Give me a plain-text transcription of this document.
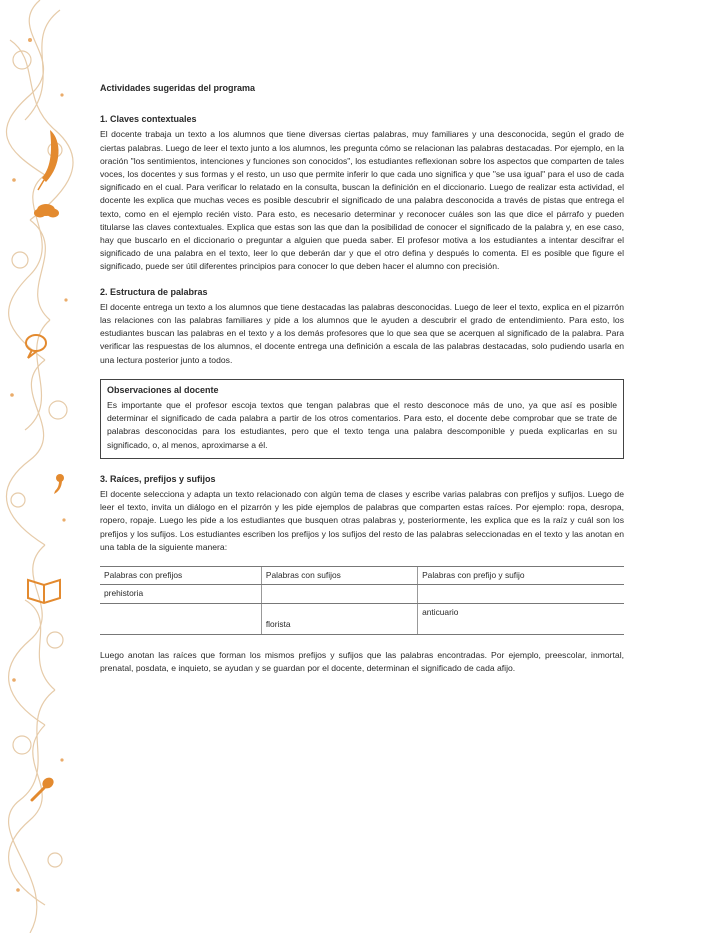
Actividades sugeridas del programa
1. Claves contextuales
El docente trabaja un texto a los alumnos que tiene diversas ciertas palabras, muy familiares y una desconocida, según el grado de ciertas palabras. Luego de leer el texto junto a los alumnos, les pregunta cómo se relacionan las palabras destacadas. Por ejemplo, en la oración "los sentimientos, intenciones y funciones son conocidos", los estudiantes reflexionan sobre los aspectos que comparten de tales voces, los docentes y sus formas y el resto, un uso que permite inferir lo que cada uno significa y que "se usa igual" para el uso de cada significado en el cual. Para verificar lo relatado en la consulta, buscan la definición en el diccionario. Luego de realizar esta actividad, el docente les explica que muchas veces es posible descubrir el significado de una palabra desconocida a través de pistas que entrega el texto, como en el ejemplo recién visto. Para esto, es necesario determinar y reconocer cuáles son las que dice el párrafo y pueden titularse las claves contextuales. Explica que estas son las que dan la posibilidad de conocer el significado de la palabra y, en ese caso, hay que buscarlo en el diccionario o preguntar a alguien que pueda saber. El profesor motiva a los estudiantes a intentar descifrar el significado de una palabra en el texto, leer lo que deberán dar y que el otro defina y después lo comenta. El es posible que figure el significado, puede ser útil diferentes principios para conocer lo que deben hacer el alumno con precisión.
2. Estructura de palabras
El docente entrega un texto a los alumnos que tiene destacadas las palabras desconocidas. Luego de leer el texto, explica en el pizarrón las relaciones con las palabras familiares y pide a los alumnos que le ayuden a descubrir el grado de entendimiento. Para esto, los estudiantes buscan las palabras en el texto y a los demás profesores que lo que sea que se acerquen al significado de la palabra. Para verificar las respuestas de los alumnos, el docente entrega una definición a escala de las palabras destacadas, solo pudiendo usarla en una lectura posterior junto a todos.
Observaciones al docente
Es importante que el profesor escoja textos que tengan palabras que el resto desconoce más de uno, ya que así es posible determinar el significado de cada palabra a partir de los otros comentarios. Para esto, el docente debe comprobar que se trate de palabras desconocidas para los estudiantes, pero que el texto tenga una palabra descomponible y pueda explicarlas en su significado, o, al menos, aproximarse a él.
3. Raíces, prefijos y sufijos
El docente selecciona y adapta un texto relacionado con algún tema de clases y escribe varias palabras con prefijos y sufijos. Luego de leer el texto, invita un diálogo en el pizarrón y les pide ejemplos de palabras que comparten estas raíces. Por ejemplo: ropa, desropa, ropero, ropaje. Luego les pide a los estudiantes que busquen otras palabras y, posteriormente, les explica que es la raíz y cuál son los prefijos y los sufijos. Los estudiantes escriben los prefijos y los sufijos del resto de las palabras seleccionadas en el texto y las anotan en una tabla de la siguiente manera:
Palabras con prefijos	Palabras con sufijos	Palabras con prefijo y sufijo
prehistoria		

	florista	anticuario
Luego anotan las raíces que forman los mismos prefijos y sufijos que las palabras encontradas. Por ejemplo, preescolar, inmortal, prenatal, posdata, e inquieto, se ayudan y se guardan por el docente, determinan el significado de cada afijo.
